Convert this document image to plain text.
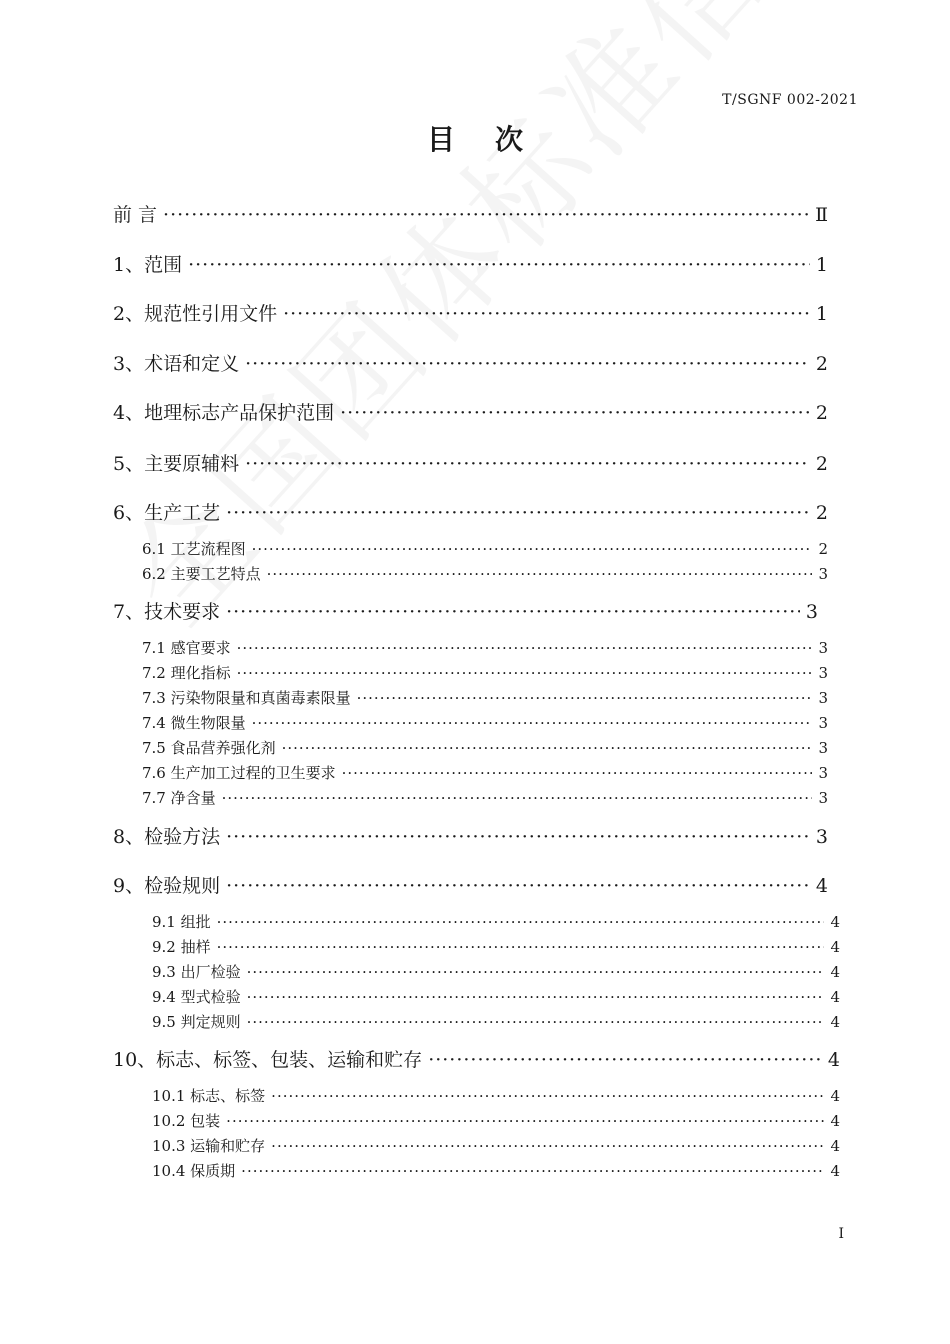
T/SGNF 002-2021
目次
前 言 ·····	Ⅱ
1、范围 ·····	1
2、规范性引用文件 ·····	1
3、术语和定义 ·····	2
4、地理标志产品保护范围 ·····	2
5、主要原辅料 ·····	2
6、生产工艺 ·····	2
6.1 工艺流程图 ·····	2
6.2 主要工艺特点 ·····	3
7、技术要求 ·····	3
7.1 感官要求 ·····	3
7.2 理化指标 ·····	3
7.3 污染物限量和真菌毒素限量 ·····	3
7.4 微生物限量 ·····	3
7.5 食品营养强化剂 ·····	3
7.6 生产加工过程的卫生要求 ·····	3
7.7 净含量 ·····	3
8、检验方法 ·····	3
9、检验规则 ·····	4
9.1 组批 ·····	4
9.2 抽样 ·····	4
9.3 出厂检验 ·····	4
9.4 型式检验 ·····	4
9.5 判定规则 ·····	4
10、标志、标签、包装、运输和贮存 ·····	4
10.1 标志、标签 ·····	4
10.2 包装 ·····	4
10.3 运输和贮存 ·····	4
10.4 保质期 ·····	4
I
